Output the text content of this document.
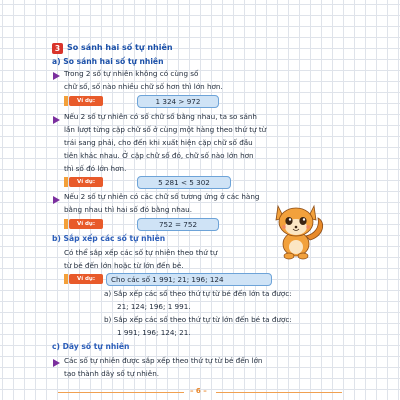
3 So sánh hai số tự nhiên
a) So sánh hai số tự nhiên
Trong 2 số tự nhiên không có cùng số
chữ số, số nào nhiều chữ số hơn thì lớn hơn.
Ví dụ:	1 324 > 972
Nếu 2 số tự nhiên có số chữ số bằng nhau, ta so sánh
lần lượt từng cặp chữ số ở cùng một hàng theo thứ tự từ
trái sang phải, cho đến khi xuất hiện cặp chữ số đầu
tiên khác nhau. Ở cặp chữ số đó, chữ số nào lớn hơn
thì số đó lớn hơn.
Ví dụ:	5 281 < 5 302
Nếu 2 số tự nhiên có các chữ số tương ứng ở các hàng
bằng nhau thì hai số đó bằng nhau.
Ví dụ:	752 = 752
b) Sắp xếp các số tự nhiên
Có thể sắp xếp các số tự nhiên theo thứ tự
từ bé đến lớn hoặc từ lớn đến bé.
Ví dụ:	Cho các số 1 991; 21; 196; 124
a) Sắp xếp các số theo thứ tự từ bé đến lớn ta được:
21; 124; 196; 1 991.
b) Sắp xếp các số theo thứ tự từ lớn đến bé ta được:
1 991; 196; 124; 21.
c) Dãy số tự nhiên
Các số tự nhiên được sắp xếp theo thứ tự từ bé đến lớn
tạo thành dãy số tự nhiên.
– 6 –
